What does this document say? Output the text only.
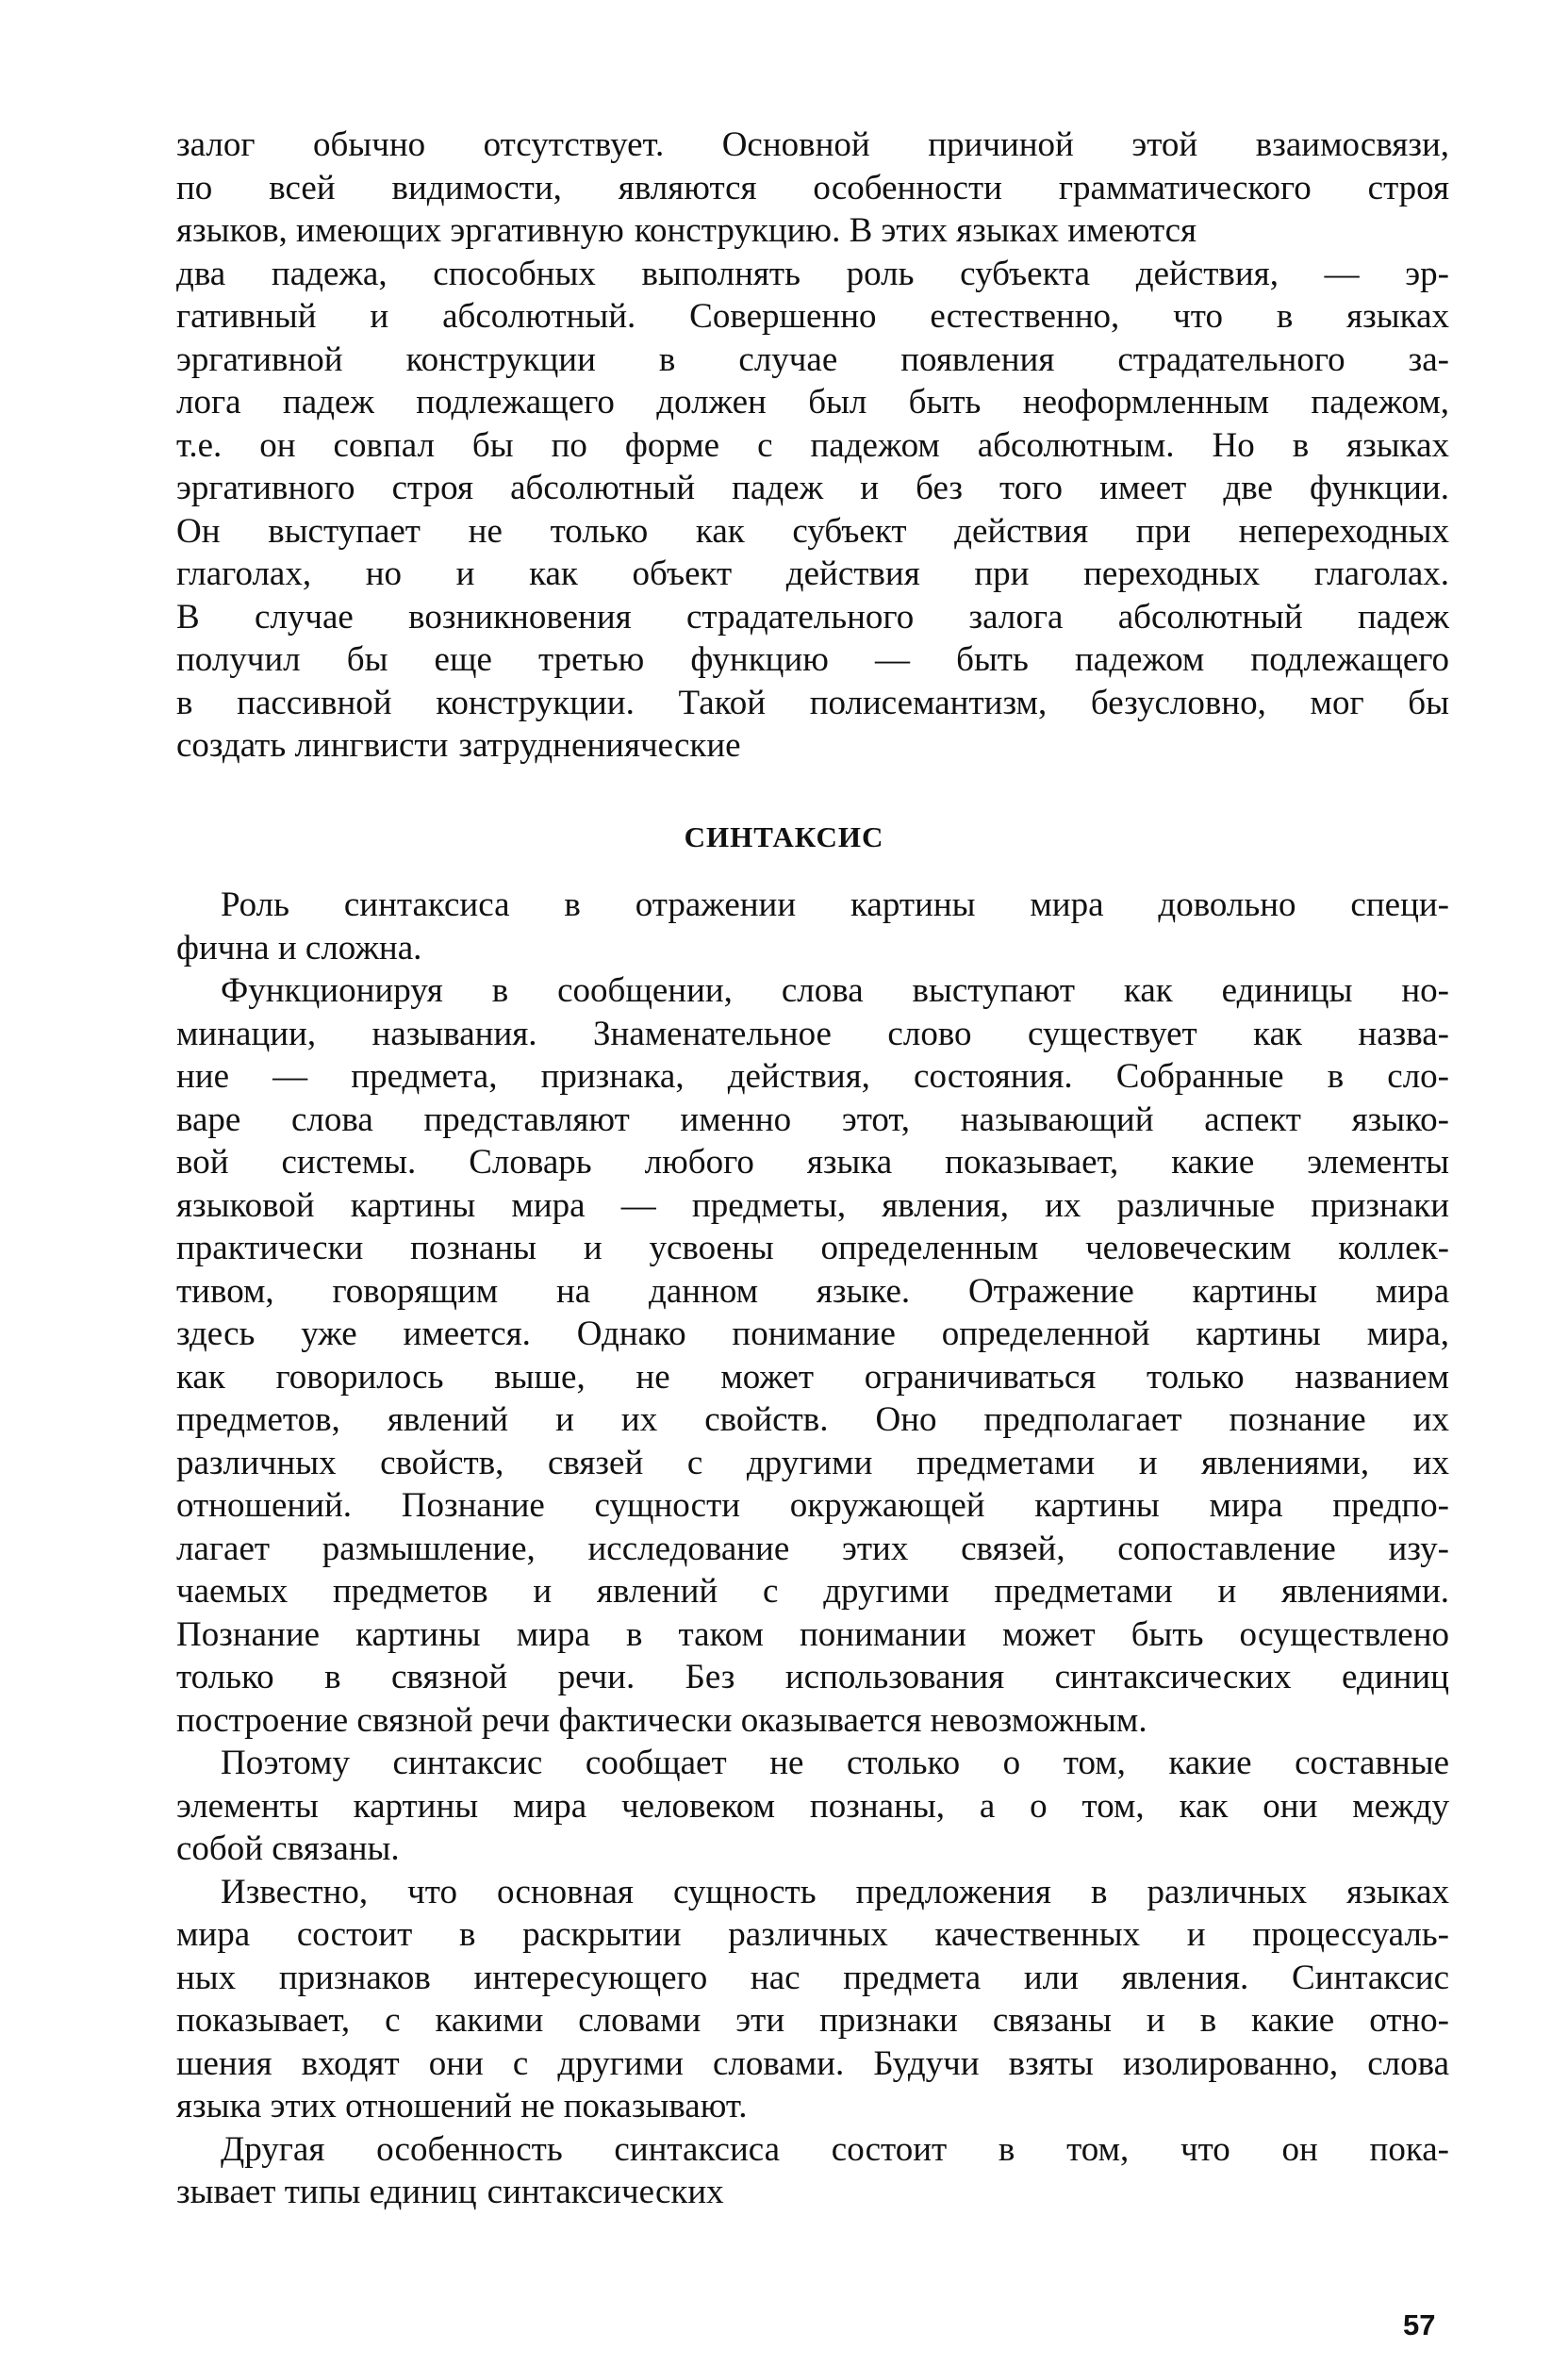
СИНТАКСИС
57
залог обычно отсутствует. Основной причиной этой взаимосвязи,
по всей видимости, являются особенности грамматического строя
языков, имеющих эргативную конструкцию. В этих языках имеются
два падежа, способных выполнять роль субъекта действия, — эр-
гативный и абсолютный. Совершенно естественно, что в языках
эргативной конструкции в случае появления страдательного за-
лога падеж подлежащего должен был быть неоформленным падежом,
т.е. он совпал бы по форме с падежом абсолютным. Но в языках
эргативного строя абсолютный падеж и без того имеет две функции.
Он выступает не только как субъект действия при непереходных
глаголах, но и как объект действия при переходных глаголах.
В случае возникновения страдательного залога абсолютный падеж
получил бы еще третью функцию — быть падежом подлежащего
в пассивной конструкции. Такой полисемантизм, безусловно, мог бы
создать лингвисти затрудненияческие
Роль синтаксиса в отражении картины мира довольно специ-
фична и сложна.
Функционируя в сообщении, слова выступают как единицы но-
минации, называния. Знаменательное слово существует как назва-
ние — предмета, признака, действия, состояния. Собранные в сло-
варе слова представляют именно этот, называющий аспект языко-
вой системы. Словарь любого языка показывает, какие элементы
языковой картины мира — предметы, явления, их различные признаки
практически познаны и усвоены определенным человеческим коллек-
тивом, говорящим на данном языке. Отражение картины мира
здесь уже имеется. Однако понимание определенной картины мира,
как говорилось выше, не может ограничиваться только названием
предметов, явлений и их свойств. Оно предполагает познание их
различных свойств, связей с другими предметами и явлениями, их
отношений. Познание сущности окружающей картины мира предпо-
лагает размышление, исследование этих связей, сопоставление изу-
чаемых предметов и явлений с другими предметами и явлениями.
Познание картины мира в таком понимании может быть осуществлено
только в связной речи. Без использования синтаксических единиц
построение связной речи фактически оказывается невозможным.
Поэтому синтаксис сообщает не столько о том, какие составные
элементы картины мира человеком познаны, а о том, как они между
собой связаны.
Известно, что основная сущность предложения в различных языках
мира состоит в раскрытии различных качественных и процессуаль-
ных признаков интересующего нас предмета или явления. Синтаксис
показывает, с какими словами эти признаки связаны и в какие отно-
шения входят они с другими словами. Будучи взяты изолированно, слова
языка этих отношений не показывают.
Другая особенность синтаксиса состоит в том, что он пока-
зывает типы единиц синтаксических
